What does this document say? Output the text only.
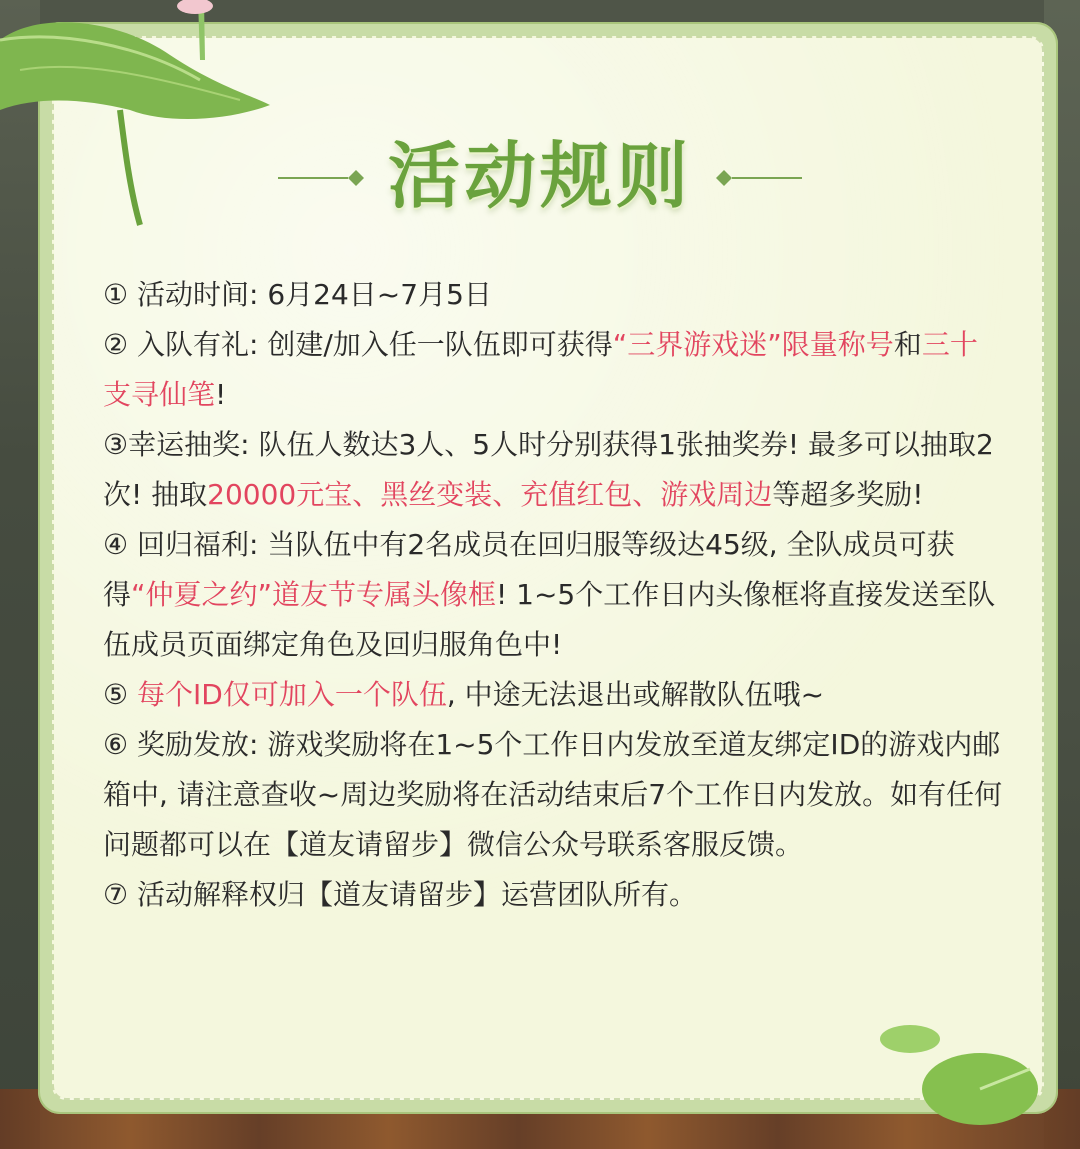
活动规则

① 活动时间: 6月24日~7月5日

② 入队有礼: 创建/加入任一队伍即可获得“三界游戏迷”限量称号和三十支寻仙笔!

③幸运抽奖: 队伍人数达3人、5人时分别获得1张抽奖券! 最多可以抽取2次! 抽取20000元宝、黑丝变装、充值红包、游戏周边等超多奖励!

④ 回归福利: 当队伍中有2名成员在回归服等级达45级, 全队成员可获得“仲夏之约”道友节专属头像框! 1~5个工作日内头像框将直接发送至队伍成员页面绑定角色及回归服角色中!

⑤ 每个ID仅可加入一个队伍, 中途无法退出或解散队伍哦~

⑥ 奖励发放: 游戏奖励将在1~5个工作日内发放至道友绑定ID的游戏内邮箱中, 请注意查收~周边奖励将在活动结束后7个工作日内发放。如有任何问题都可以在【道友请留步】微信公众号联系客服反馈。

⑦ 活动解释权归【道友请留步】运营团队所有。
